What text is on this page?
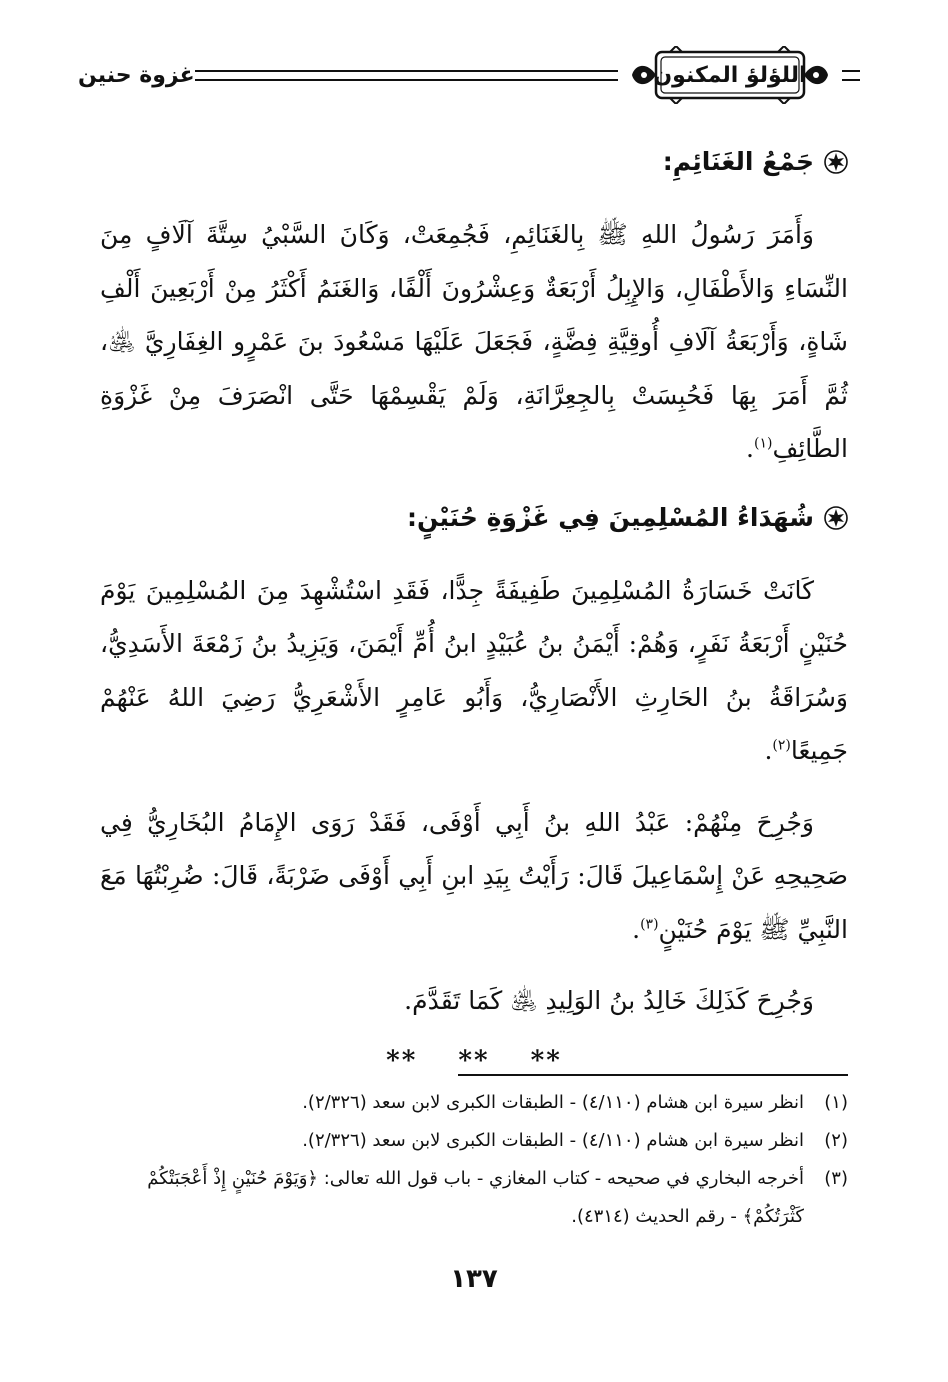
اللؤلؤ المكنون
غزوة حنين
جَمْعُ الغَنَائِمِ:

وَأَمَرَ رَسُولُ اللهِ ﷺ بِالغَنَائِمِ، فَجُمِعَتْ، وَكَانَ السَّبْيُ سِتَّةَ آلَافٍ مِنَ النِّسَاءِ وَالأَطْفَالِ، وَالإِبِلُ أَرْبَعَةٌ وَعِشْرُونَ أَلْفًا، وَالغَنَمُ أَكْثَرُ مِنْ أَرْبَعِينَ أَلْفِ شَاةٍ، وَأَرْبَعَةُ آلَافِ أُوقِيَّةِ فِضَّةٍ، فَجَعَلَ عَلَيْهَا مَسْعُودَ بنَ عَمْرٍو الغِفَارِيَّ ﵁، ثُمَّ أَمَرَ بِهَا فَحُبِسَتْ بِالجِعِرَّانَةِ، وَلَمْ يَقْسِمْهَا حَتَّى انْصَرَفَ مِنْ غَزْوَةِ الطَّائِفِ$^{(١)}$.

شُهَدَاءُ المُسْلِمِينَ فِي غَزْوَةِ حُنَيْنٍ:

كَانَتْ خَسَارَةُ المُسْلِمِينَ طَفِيفَةً جِدًّا، فَقَدِ اسْتُشْهِدَ مِنَ المُسْلِمِينَ يَوْمَ حُنَيْنٍ أَرْبَعَةُ نَفَرٍ، وَهُمْ: أَيْمَنُ بنُ عُبَيْدٍ ابنُ أُمِّ أَيْمَنَ، وَيَزِيدُ بنُ زَمْعَةَ الأَسَدِيُّ، وَسُرَاقَةُ بنُ الحَارِثِ الأَنْصَارِيُّ، وَأَبُو عَامِرٍ الأَشْعَرِيُّ رَضِيَ اللهُ عَنْهُمْ جَمِيعًا$^{(٢)}$.

وَجُرِحَ مِنْهُمْ: عَبْدُ اللهِ بنُ أَبِي أَوْفَى، فَقَدْ رَوَى الإِمَامُ البُخَارِيُّ فِي صَحِيحِهِ عَنْ إِسْمَاعِيلَ قَالَ: رَأَيْتُ بِيَدِ ابنِ أَبِي أَوْفَى ضَرْبَةً، قَالَ: ضُرِبْتُهَا مَعَ النَّبِيِّ ﷺ يَوْمَ حُنَيْنٍ$^{(٣)}$.

وَجُرِحَ كَذَلِكَ خَالِدُ بنُ الوَلِيدِ ﵁ كَمَا تَقَدَّمَ.

** ** **
(١)
انظر سيرة ابن هشام (٤/١١٠) - الطبقات الكبرى لابن سعد (٢/٣٢٦).
(٢)
انظر سيرة ابن هشام (٤/١١٠) - الطبقات الكبرى لابن سعد (٢/٣٢٦).
(٣)
أخرجه البخاري في صحيحه - كتاب المغازي - باب قول الله تعالى: ﴿وَيَوْمَ حُنَيْنٍ إِذْ أَعْجَبَتْكُمْ كَثْرَتُكُمْ﴾ - رقم الحديث (٤٣١٤).
١٣٧
